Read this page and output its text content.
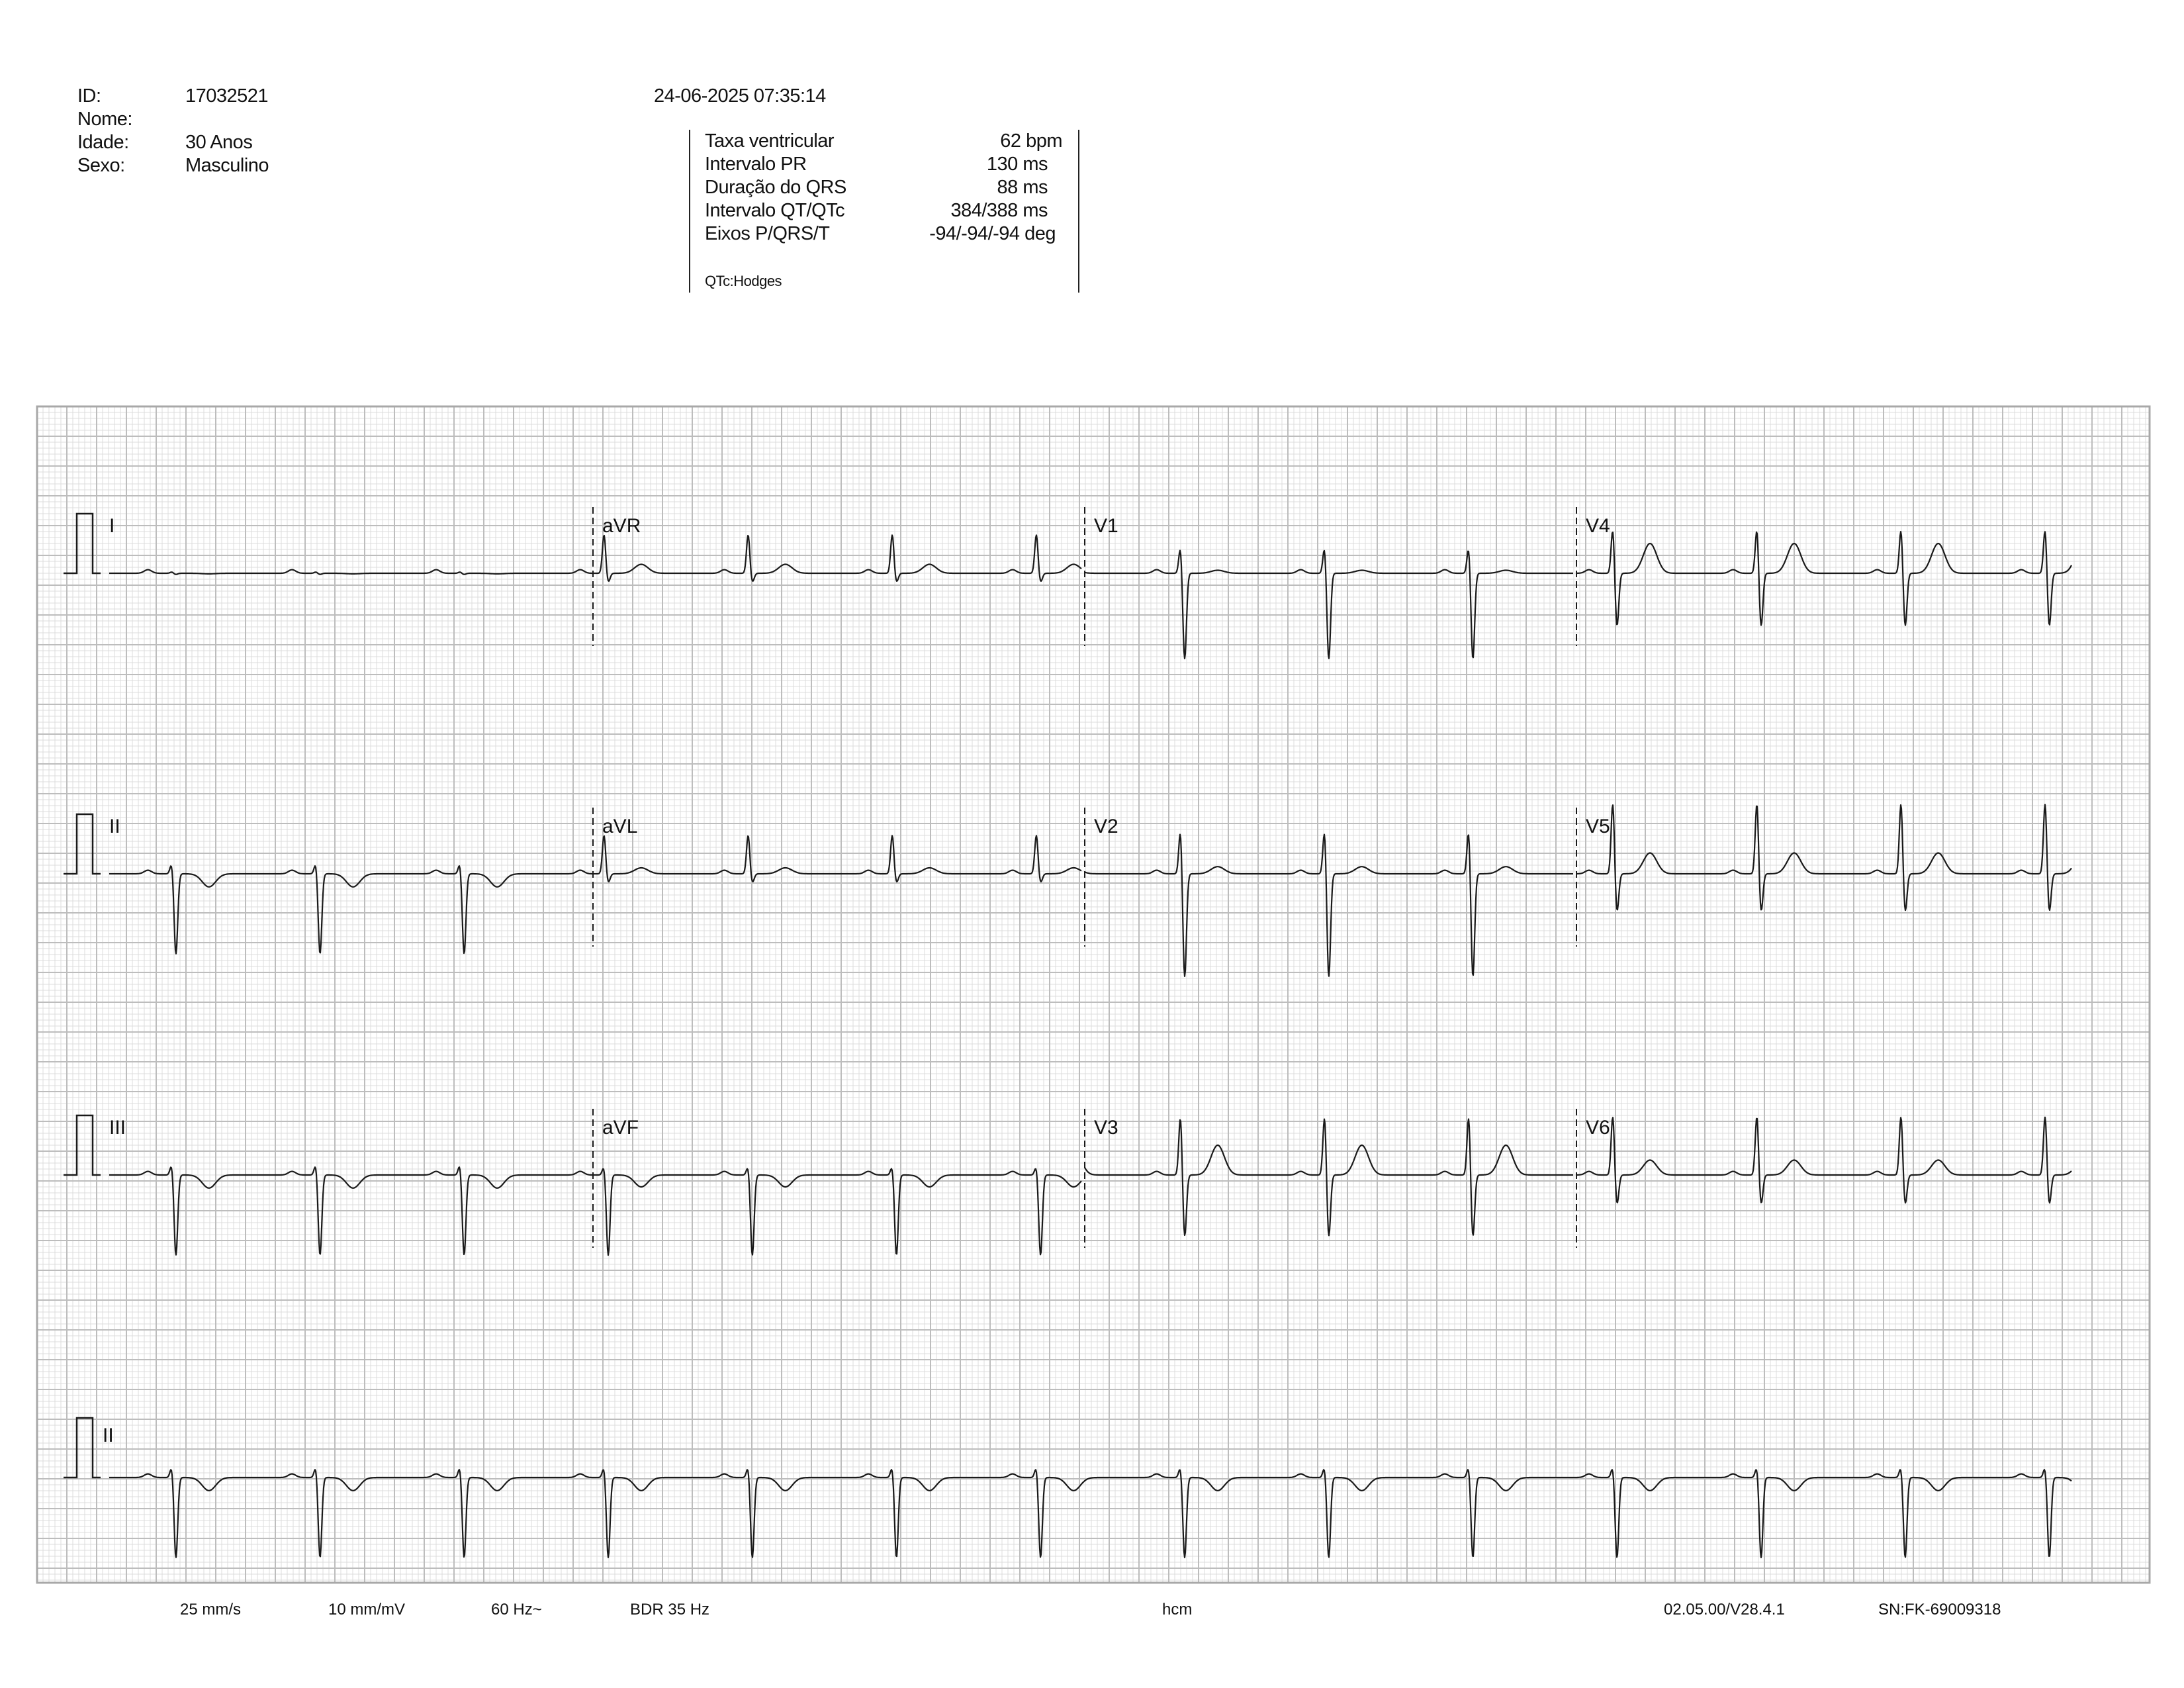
ID:	17032521
Nome:
Idade:	30 Anos
Sexo:	Masculino
24-06-2025 07:35:14
Taxa ventricular	62 bpm
Intervalo PR	130 ms
Duração do QRS	88 ms
Intervalo QT/QTc	384/388 ms
Eixos P/QRS/T	-94/-94/-94 deg
QTc:Hodges
I	aVR	V1	V4
II	aVL	V2	V5
III	aVF	V3	V6
II
25 mm/s	10 mm/mV	60 Hz~	BDR 35 Hz	hcm	02.05.00/V28.4.1	SN:FK-69009318
